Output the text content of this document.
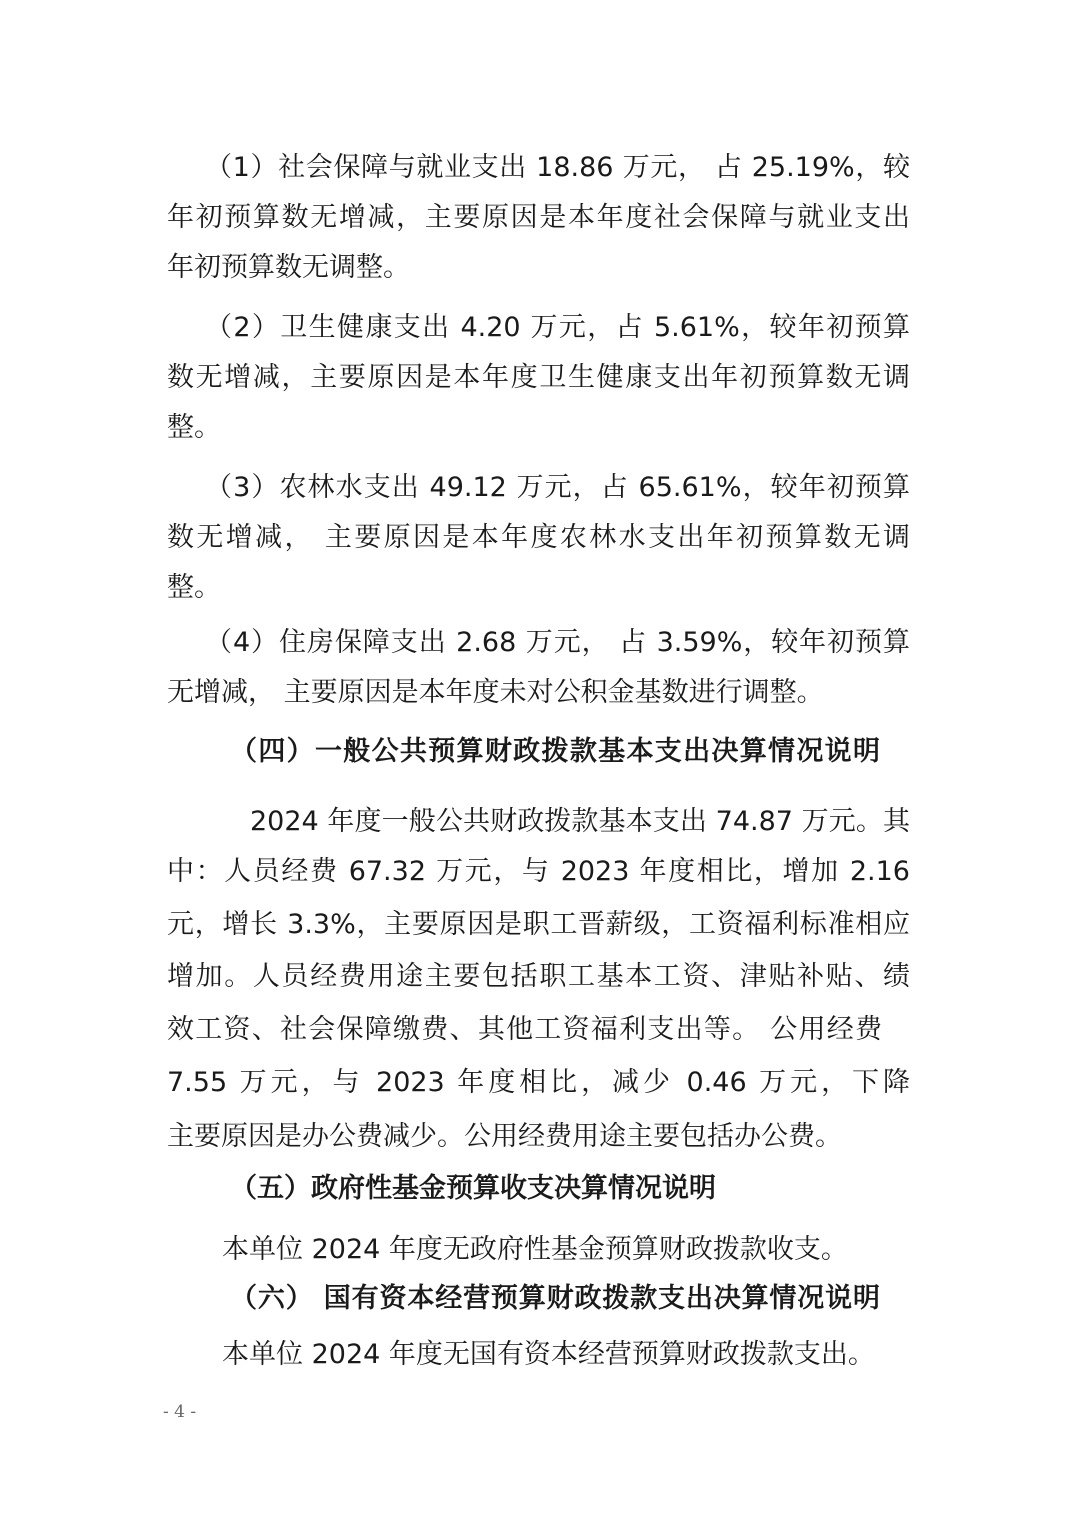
（1）社会保障与就业支出 18.86 万元， 占 25.19%，较
年初预算数无增减，主要原因是本年度社会保障与就业支出
年初预算数无调整。
（2）卫生健康支出 4.20 万元，占 5.61%，较年初预算
数无增减，主要原因是本年度卫生健康支出年初预算数无调
整。
（3）农林水支出 49.12 万元，占 65.61%，较年初预算
数无增减， 主要原因是本年度农林水支出年初预算数无调
整。
（4）住房保障支出 2.68 万元， 占 3.59%，较年初预算
无增减， 主要原因是本年度未对公积金基数进行调整。
（四）一般公共预算财政拨款基本支出决算情况说明
2024 年度一般公共财政拨款基本支出 74.87 万元。其
中：人员经费 67.32 万元，与 2023 年度相比，增加 2.16
元，增长 3.3%，主要原因是职工晋薪级，工资福利标准相应
增加。人员经费用途主要包括职工基本工资、津贴补贴、绩
效工资、社会保障缴费、其他工资福利支出等。 公用经费
7.55 万元，与 2023 年度相比，减少 0.46 万元，下降
主要原因是办公费减少。公用经费用途主要包括办公费。
（五）政府性基金预算收支决算情况说明
本单位 2024 年度无政府性基金预算财政拨款收支。
（六） 国有资本经营预算财政拨款支出决算情况说明
本单位 2024 年度无国有资本经营预算财政拨款支出。
- 4 -
